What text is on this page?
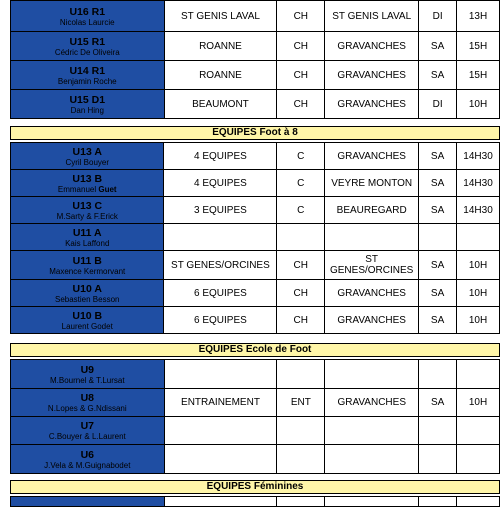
U16 R1
Nicolas Laurcie	ST GENIS LAVAL	CH	ST GENIS LAVAL	DI	13H

U15 R1
Cédric De Oliveira	ROANNE	CH	GRAVANCHES	SA	15H

U14 R1
Benjamin Roche	ROANNE	CH	GRAVANCHES	SA	15H

U15 D1
Dan Hing	BEAUMONT	CH	GRAVANCHES	DI	10H
EQUIPES Foot à 8
U13 A
Cyril Bouyer	4 EQUIPES	C	GRAVANCHES	SA	14H30

U13 B
Emmanuel Guet	4 EQUIPES	C	VEYRE MONTON	SA	14H30

U13 C
M.Sarty & F.Erick	3 EQUIPES	C	BEAUREGARD	SA	14H30

U11 A
Kais Laffond					

U11 B
Maxence Kermorvant	ST GENES/ORCINES	CH	ST
GENES/ORCINES	SA	10H

U10 A
Sebastien Besson	6 EQUIPES	CH	GRAVANCHES	SA	10H

U10 B
Laurent Godet	6 EQUIPES	CH	GRAVANCHES	SA	10H
EQUIPES Ecole de Foot
U9
M.Bournel & T.Lursat					

U8
N.Lopes & G.Ndissani	ENTRAINEMENT	ENT	GRAVANCHES	SA	10H

U7
C.Bouyer & L.Laurent					

U6
J.Vela & M.Guignabodet					

EQUIPES Féminines
